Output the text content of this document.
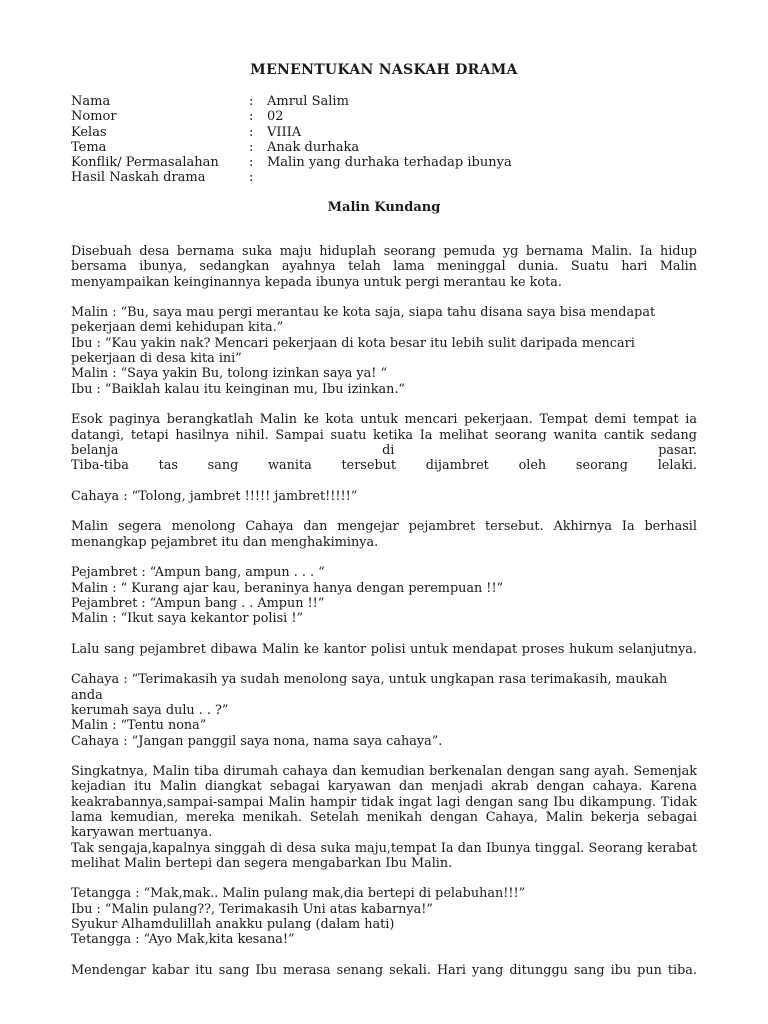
MENENTUKAN NASKAH DRAMA
Nama	:	Amrul Salim
Nomor	:	02
Kelas	:	VIIIA
Tema	:	Anak durhaka
Konflik/ Permasalahan	:	Malin yang durhaka terhadap ibunya
Hasil Naskah drama	:
Malin Kundang

Disebuah desa bernama suka maju hiduplah seorang pemuda yg bernama Malin. Ia hidup bersama ibunya, sedangkan ayahnya telah lama meninggal dunia. Suatu hari Malin menyampaikan keinginannya kepada ibunya untuk pergi merantau ke kota.

Malin : “Bu, saya mau pergi merantau ke kota saja, siapa tahu disana saya bisa mendapat

pekerjaan demi kehidupan kita.”

Ibu : “Kau yakin nak? Mencari pekerjaan di kota besar itu lebih sulit daripada mencari

pekerjaan di desa kita ini”

Malin : “Saya yakin Bu, tolong izinkan saya ya! “

Ibu : “Baiklah kalau itu keinginan mu, Ibu izinkan.“

Esok paginya berangkatlah Malin ke kota untuk mencari pekerjaan. Tempat demi tempat ia datangi, tetapi hasilnya nihil. Sampai suatu ketika Ia melihat seorang wanita cantik sedang belanja di pasar.

Tiba-tiba tas sang wanita tersebut dijambret oleh seorang lelaki.

Cahaya : “Tolong, jambret !!!!! jambret!!!!!”

Malin segera menolong Cahaya dan mengejar pejambret tersebut. Akhirnya Ia berhasil menangkap pejambret itu dan menghakiminya.

Pejambret : “Ampun bang, ampun . . . “

Malin : “ Kurang ajar kau, beraninya hanya dengan perempuan !!”

Pejambret : “Ampun bang . . Ampun !!”

Malin : “Ikut saya kekantor polisi !”

Lalu sang pejambret dibawa Malin ke kantor polisi untuk mendapat proses hukum selanjutnya.

Cahaya : “Terimakasih ya sudah menolong saya, untuk ungkapan rasa terimakasih, maukah anda

kerumah saya dulu . . ?”

Malin : “Tentu nona”

Cahaya : “Jangan panggil saya nona, nama saya cahaya”.

Singkatnya, Malin tiba dirumah cahaya dan kemudian berkenalan dengan sang ayah. Semenjak kejadian itu Malin diangkat sebagai karyawan dan menjadi akrab dengan cahaya. Karena keakrabannya,sampai-sampai Malin hampir tidak ingat lagi dengan sang Ibu dikampung. Tidak lama kemudian, mereka menikah. Setelah menikah dengan Cahaya, Malin bekerja sebagai karyawan mertuanya.

Tak sengaja,kapalnya singgah di desa suka maju,tempat Ia dan Ibunya tinggal. Seorang kerabat melihat Malin bertepi dan segera mengabarkan Ibu Malin.

Tetangga : “Mak,mak.. Malin pulang mak,dia bertepi di pelabuhan!!!”

Ibu : “Malin pulang??, Terimakasih Uni atas kabarnya!”

Syukur Alhamdulillah anakku pulang (dalam hati)

Tetangga : “Ayo Mak,kita kesana!”

Mendengar kabar itu sang Ibu merasa senang sekali. Hari yang ditunggu sang ibu pun tiba.
